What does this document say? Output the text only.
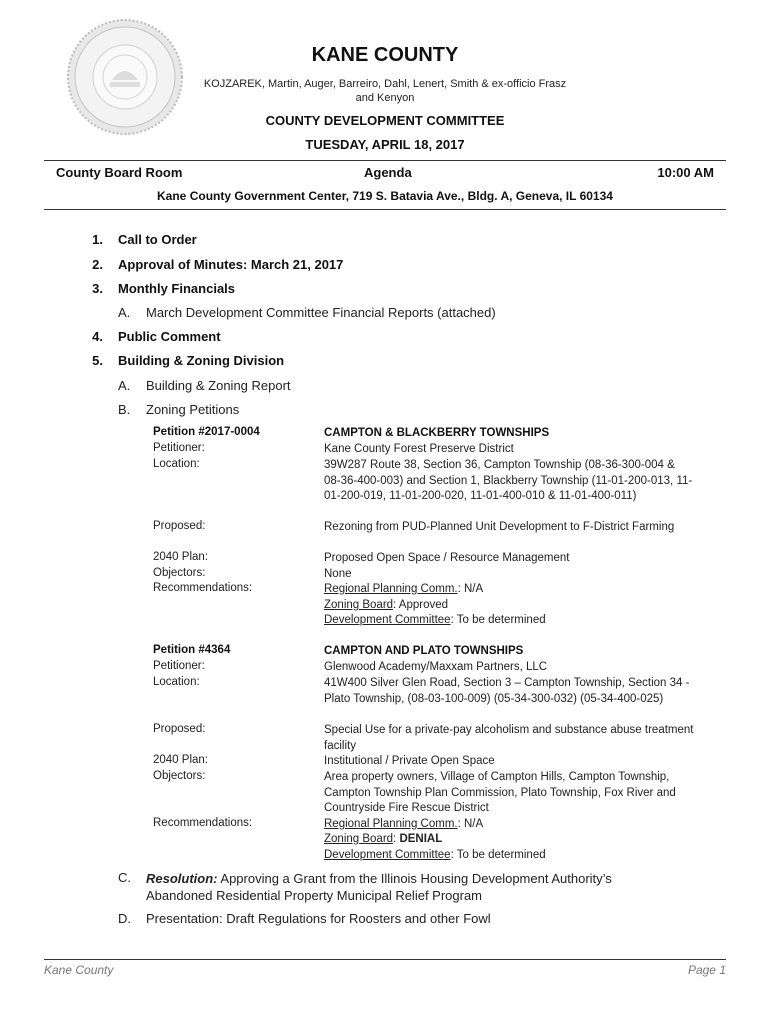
KANE COUNTY
KOJZAREK, Martin, Auger, Barreiro, Dahl, Lenert, Smith & ex-officio Frasz and Kenyon
COUNTY DEVELOPMENT COMMITTEE
TUESDAY, APRIL 18, 2017
County Board Room	Agenda	10:00 AM
Kane County Government Center, 719 S. Batavia Ave., Bldg. A, Geneva, IL 60134
1. Call to Order
2. Approval of Minutes: March 21, 2017
3. Monthly Financials
A. March Development Committee Financial Reports (attached)
4. Public Comment
5. Building & Zoning Division
A. Building & Zoning Report
B. Zoning Petitions
Petition #2017-0004	CAMPTON & BLACKBERRY TOWNSHIPS
Petitioner:	Kane County Forest Preserve District
Location:	39W287 Route 38, Section 36, Campton Township (08-36-300-004 & 08-36-400-003) and Section 1, Blackberry Township (11-01-200-013, 11-01-200-019, 11-01-200-020, 11-01-400-010 & 11-01-400-011)
Proposed:	Rezoning from PUD-Planned Unit Development to F-District Farming
2040 Plan:	Proposed Open Space / Resource Management
Objectors:	None
Recommendations:	Regional Planning Comm.: N/A
Zoning Board: Approved
Development Committee: To be determined
Petition #4364	CAMPTON AND PLATO TOWNSHIPS
Petitioner:	Glenwood Academy/Maxxam Partners, LLC
Location:	41W400 Silver Glen Road, Section 3 – Campton Township, Section 34 - Plato Township, (08-03-100-009) (05-34-300-032) (05-34-400-025)
Proposed:	Special Use for a private-pay alcoholism and substance abuse treatment facility
2040 Plan:	Institutional / Private Open Space
Objectors:	Area property owners, Village of Campton Hills, Campton Township, Campton Township Plan Commission, Plato Township, Fox River and Countryside Fire Rescue District
Recommendations:	Regional Planning Comm.: N/A
Zoning Board: DENIAL
Development Committee: To be determined
C. Resolution: Approving a Grant from the Illinois Housing Development Authority’s Abandoned Residential Property Municipal Relief Program
D. Presentation: Draft Regulations for Roosters and other Fowl
Kane County	Page 1
